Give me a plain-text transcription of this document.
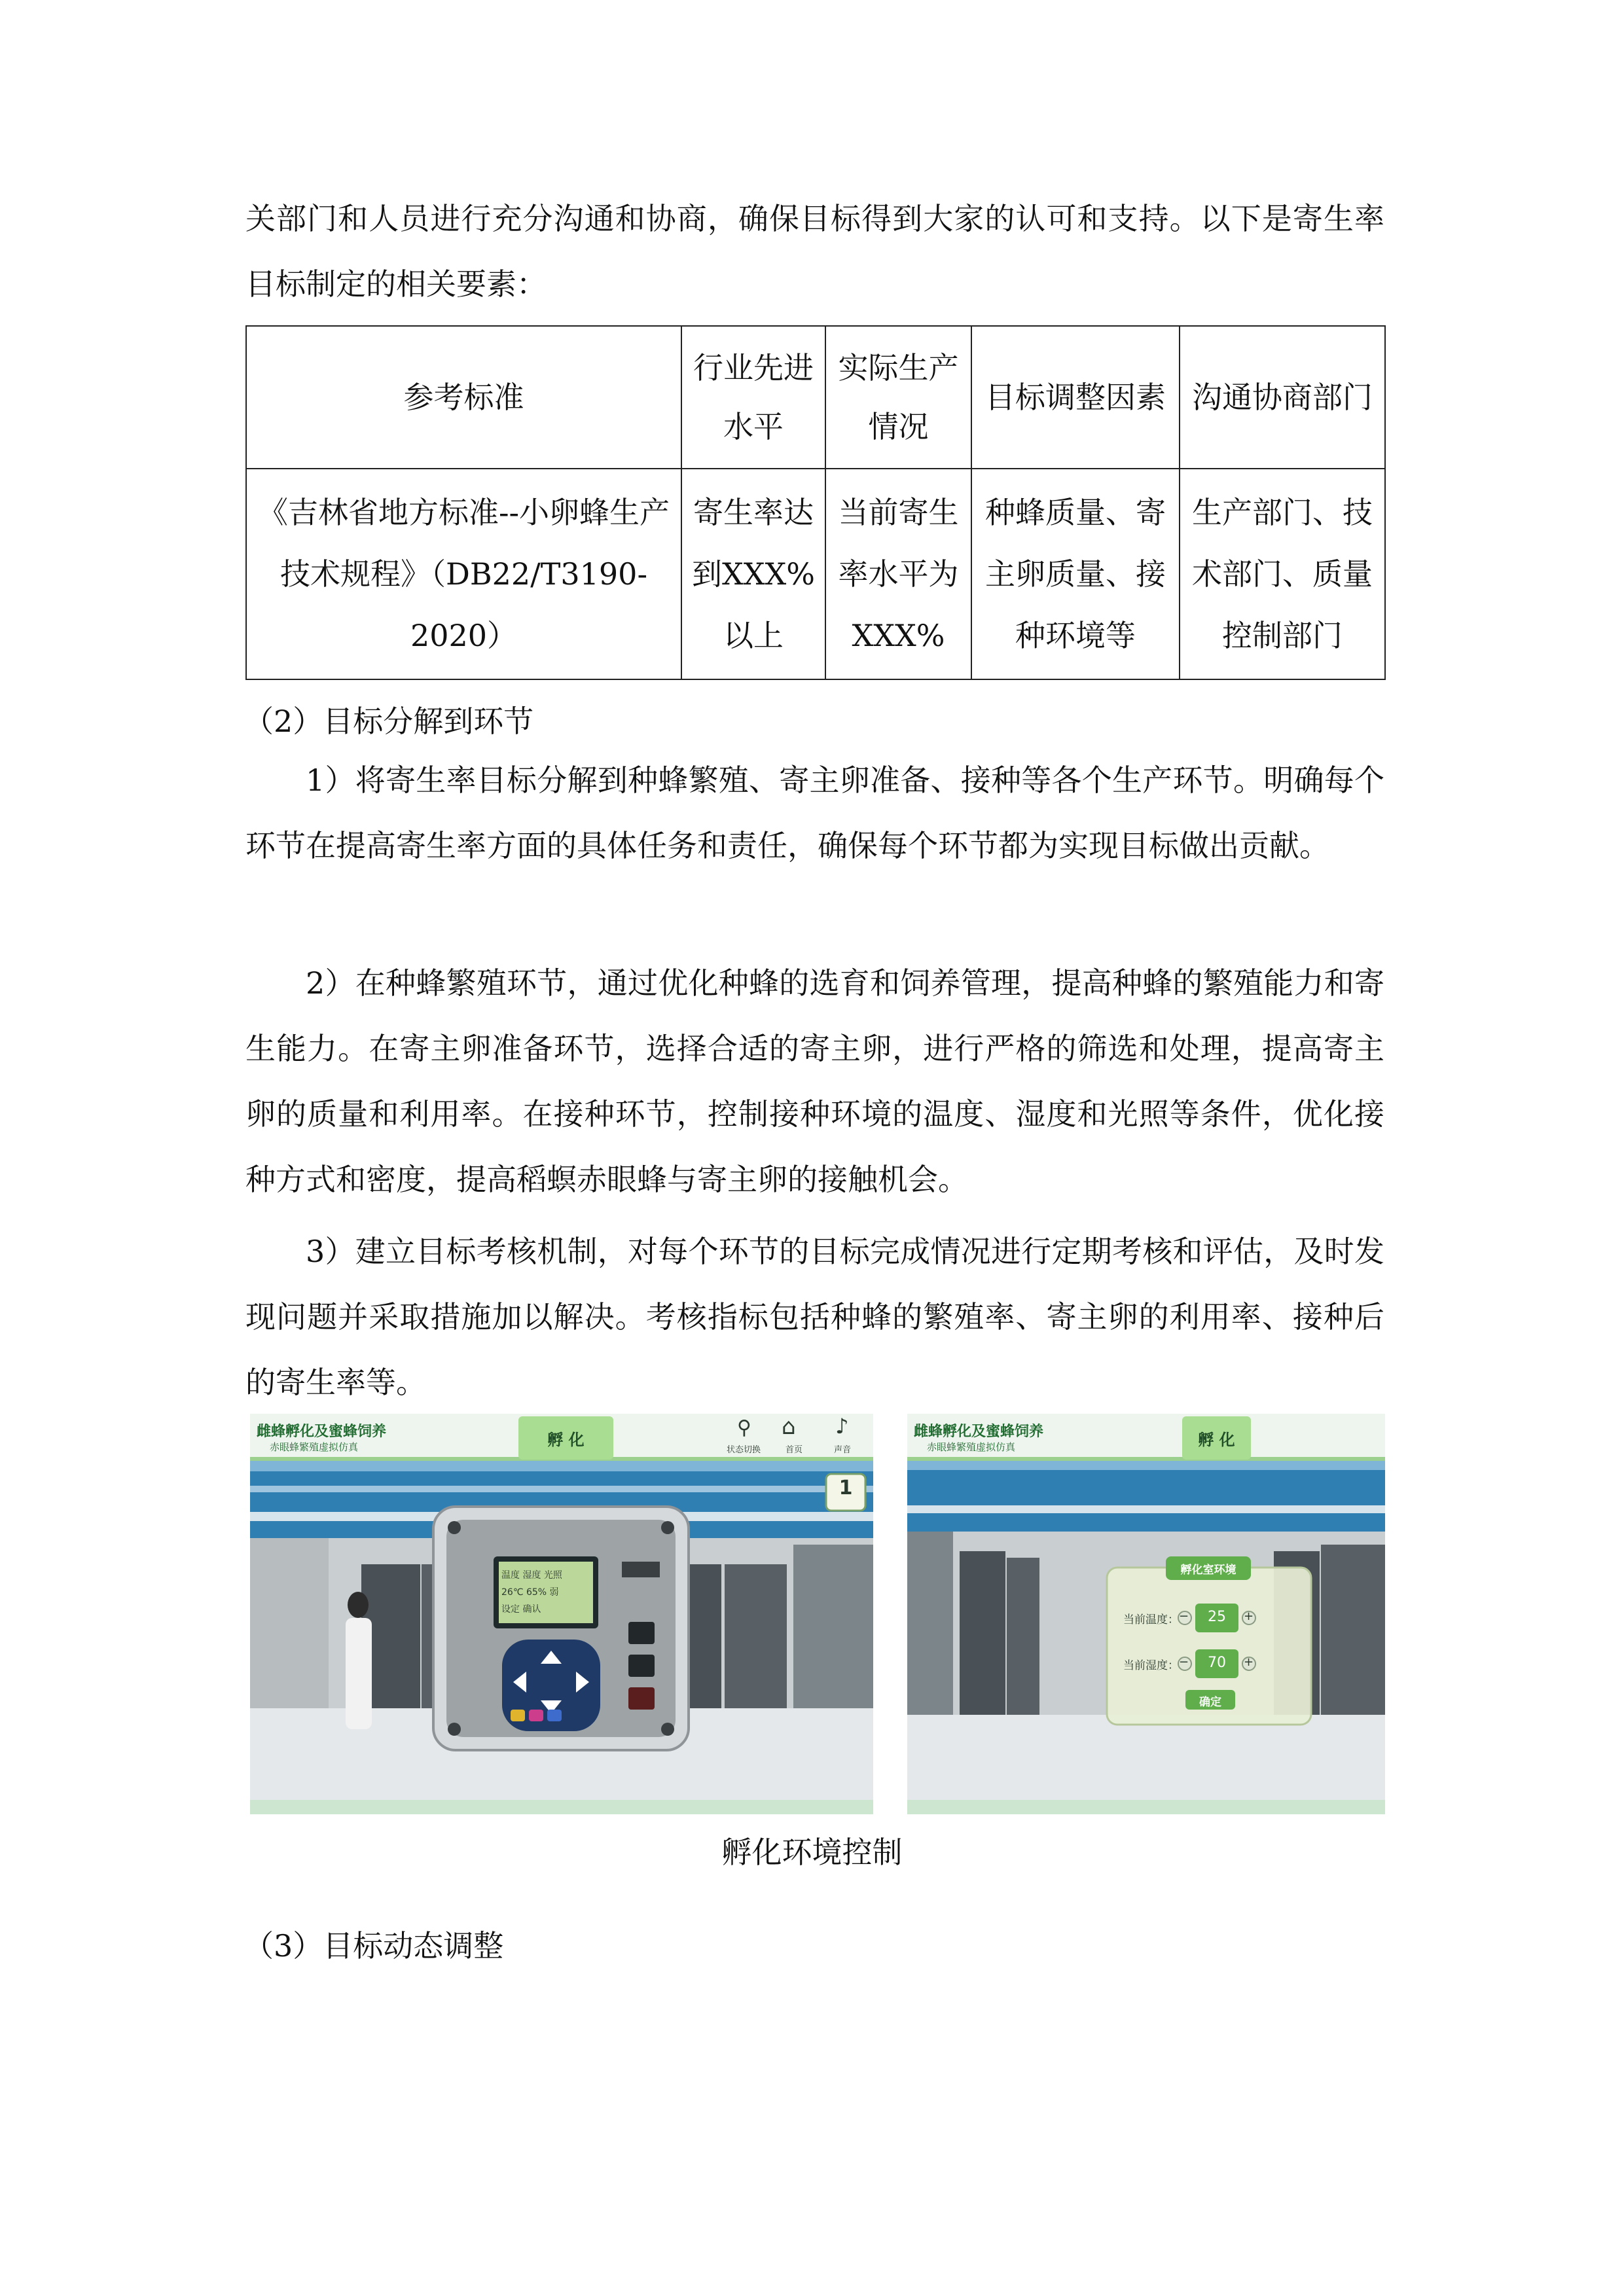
关部门和人员进行充分沟通和协商，确保目标得到大家的认可和支持。以下是寄生率目标制定的相关要素：

参考标准	行业先进水平	实际生产情况	目标调整因素	沟通协商部门
《吉林省地方标准--小卵蜂生产技术规程》（DB22/T3190-2020）	寄生率达到XXX%以上	当前寄生率水平为XXX%	种蜂质量、寄主卵质量、接种环境等	生产部门、技术部门、质量控制部门

（2）目标分解到环节

1）将寄生率目标分解到种蜂繁殖、寄主卵准备、接种等各个生产环节。明确每个环节在提高寄生率方面的具体任务和责任，确保每个环节都为实现目标做出贡献。

2）在种蜂繁殖环节，通过优化种蜂的选育和饲养管理，提高种蜂的繁殖能力和寄生能力。在寄主卵准备环节，选择合适的寄主卵，进行严格的筛选和处理，提高寄主卵的质量和利用率。在接种环节，控制接种环境的温度、湿度和光照等条件，优化接种方式和密度，提高稻螟赤眼蜂与寄主卵的接触机会。

3）建立目标考核机制，对每个环节的目标完成情况进行定期考核和评估，及时发现问题并采取措施加以解决。考核指标包括种蜂的繁殖率、寄主卵的利用率、接种后的寄生率等。

雌蜂孵化及蜜蜂饲养
赤眼蜂繁殖虚拟仿真	孵 化
⚲
状态切换
⌂
首页
♪
声音
1
温度 湿度 光照
26℃ 65% 弱
设定 确认
雌蜂孵化及蜜蜂饲养
赤眼蜂繁殖虚拟仿真	孵 化
孵化室环境
当前温度： −	25	+
当前湿度： −	70	+
确定

孵化环境控制

（3）目标动态调整
